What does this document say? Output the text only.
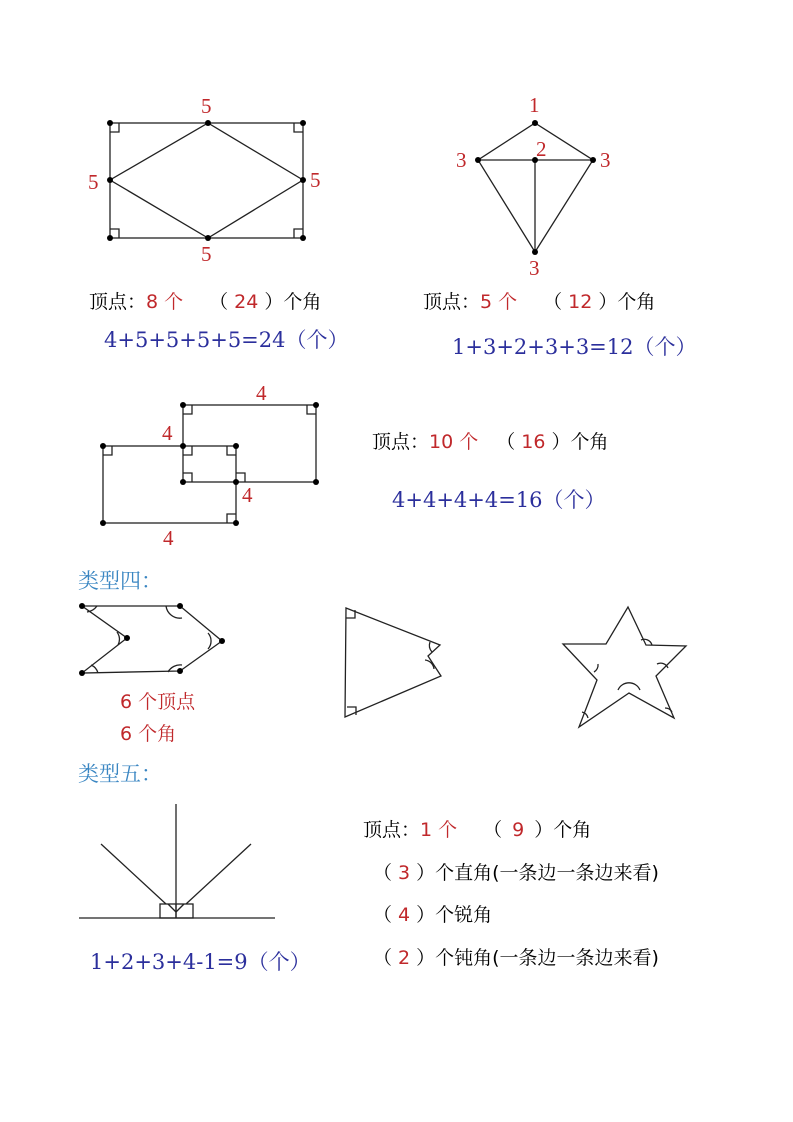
5
5	5
5
顶点：8 个 （ 24 ）个角
4+5+5+5+5=24（个）
1
3	2	3
3
顶点：5 个 （ 12 ）个角
1+3+2+3+3=12（个）
4
4
4
4
顶点：10 个 （ 16 ）个角
4+4+4+4=16（个）
类型四：
6 个顶点
6 个角
类型五：
顶点：1 个 （ 9 ）个角
（ 3 ）个直角(一条边一条边来看)
（ 4 ）个锐角
（ 2 ）个钝角(一条边一条边来看)
1+2+3+4-1=9（个）
